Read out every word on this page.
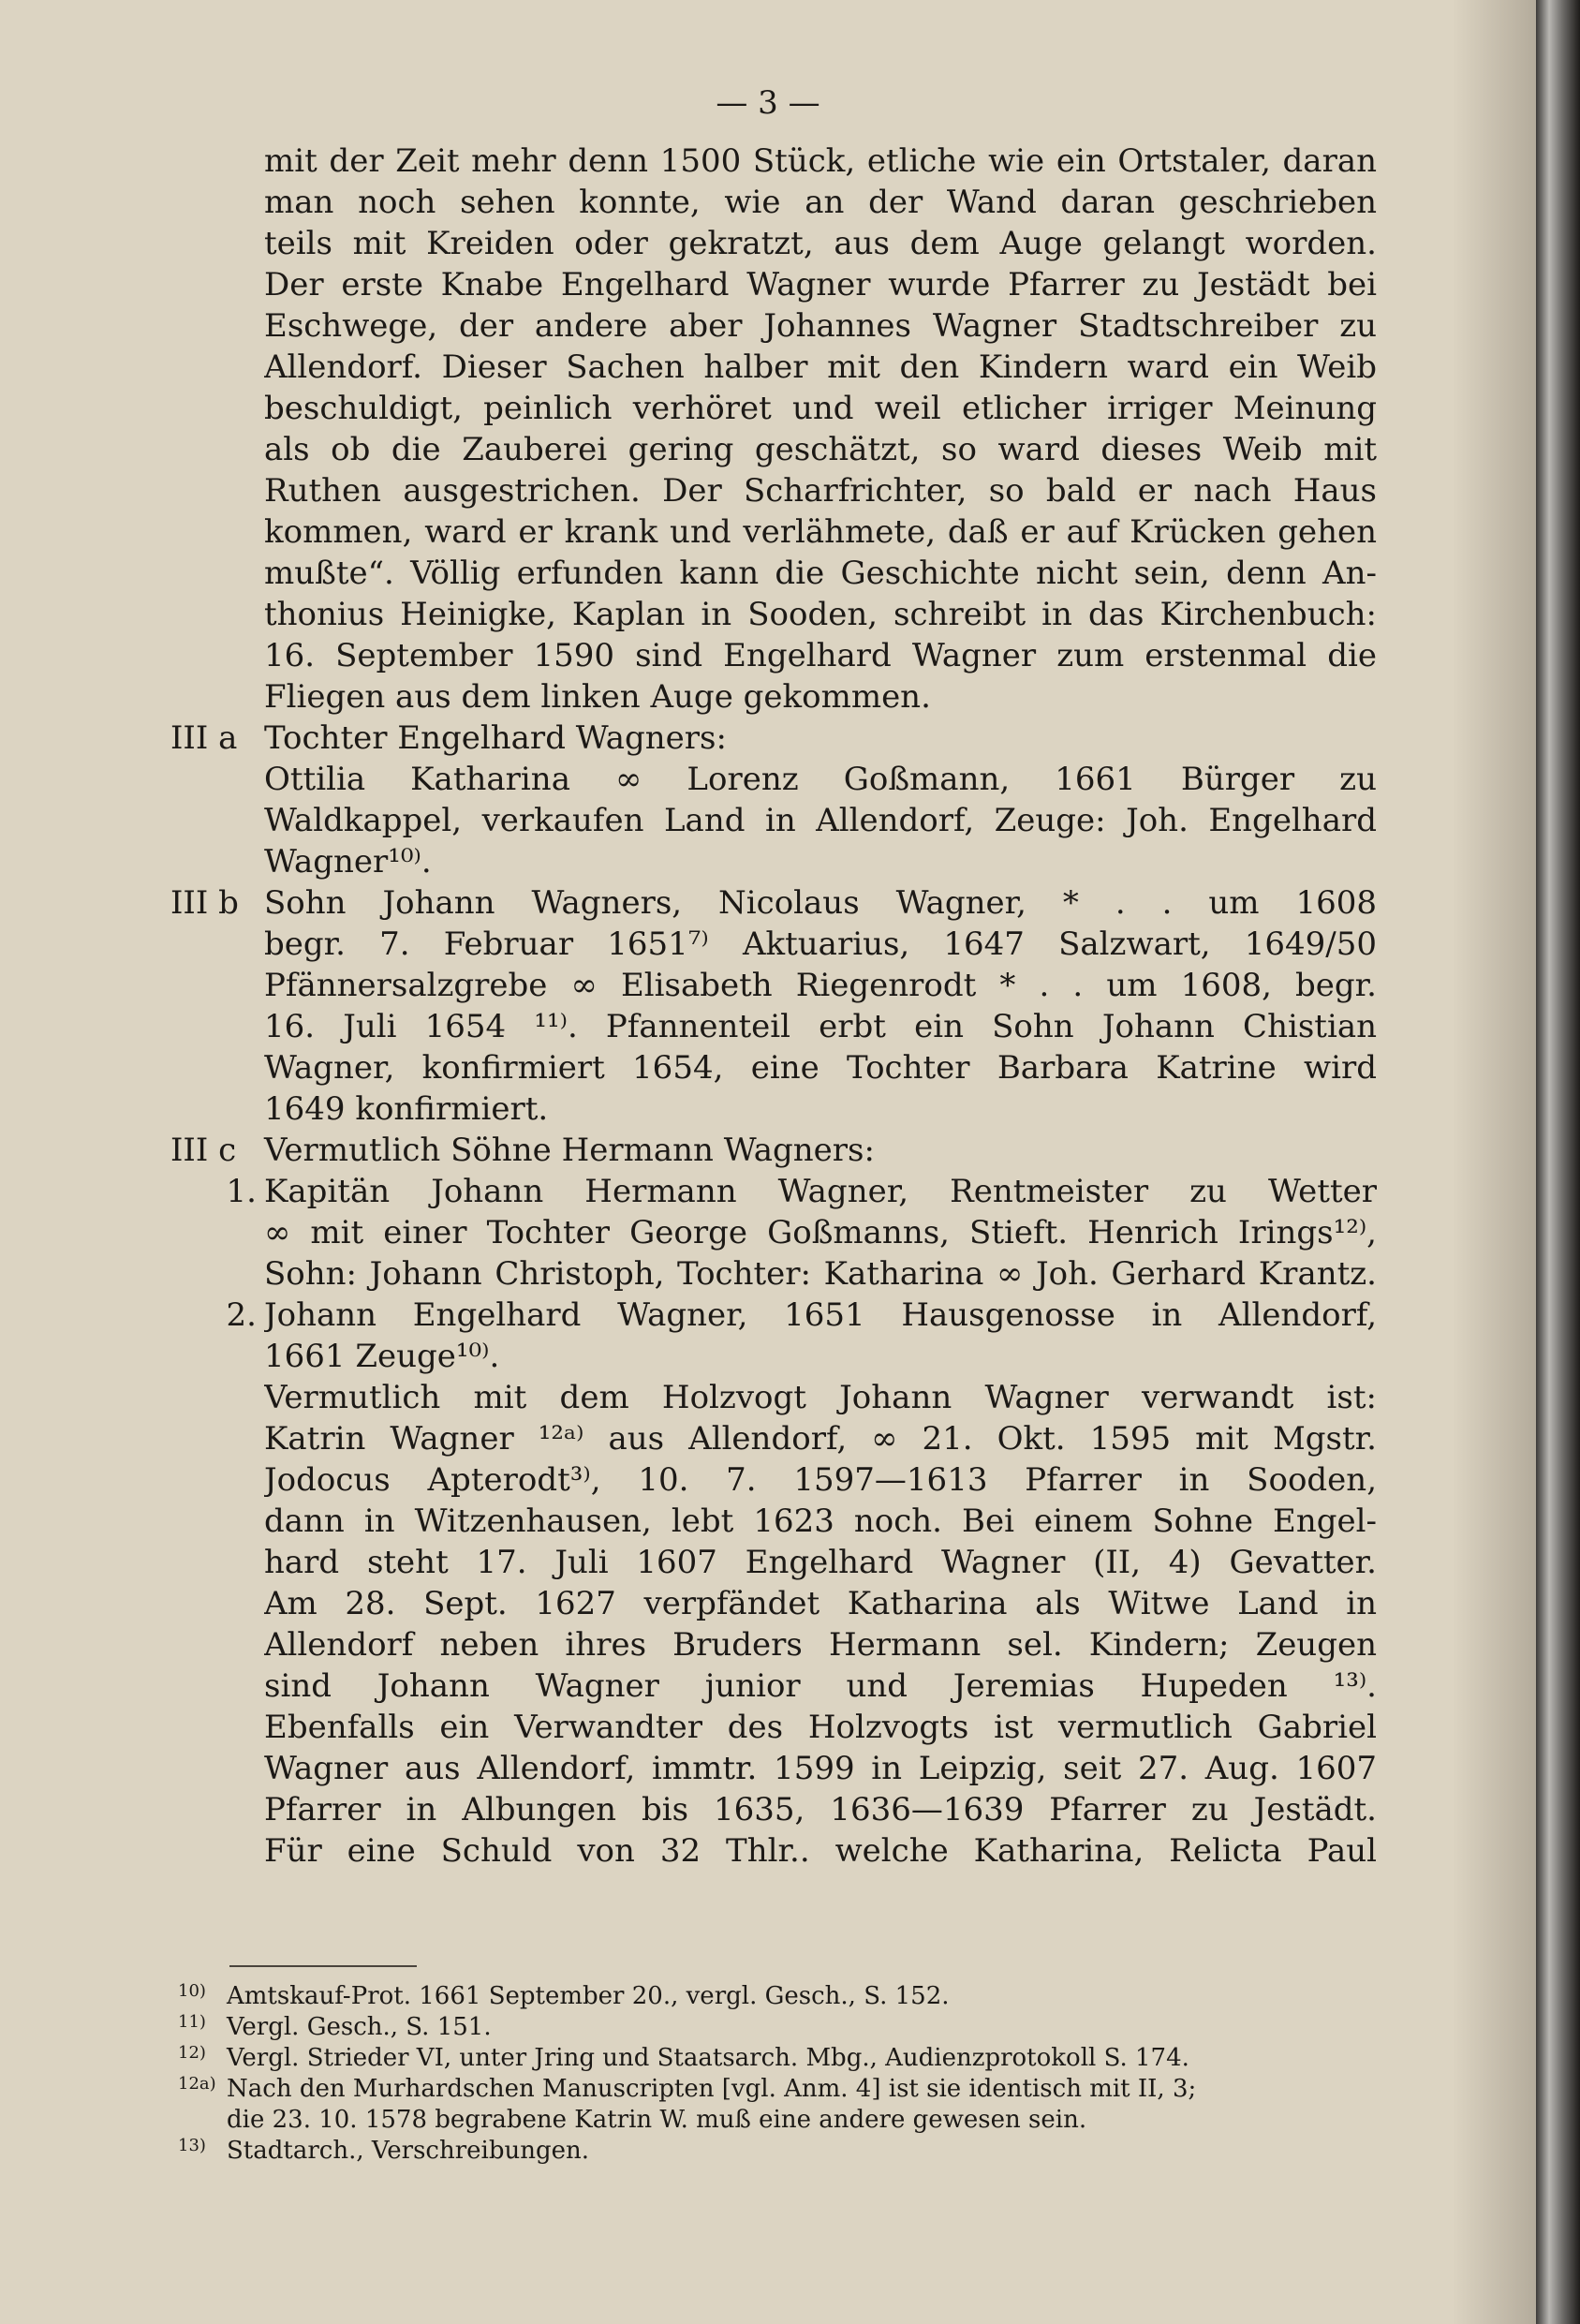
— 3 —
mit der Zeit mehr denn 1500 Stück, etliche wie ein Ortstaler, daran
man noch sehen konnte, wie an der Wand daran geschrieben
teils mit Kreiden oder gekratzt, aus dem Auge gelangt worden.
Der erste Knabe Engelhard Wagner wurde Pfarrer zu Jestädt bei
Eschwege, der andere aber Johannes Wagner Stadtschreiber zu
Allendorf. Dieser Sachen halber mit den Kindern ward ein Weib
beschuldigt, peinlich verhöret und weil etlicher irriger Meinung
als ob die Zauberei gering geschätzt, so ward dieses Weib mit
Ruthen ausgestrichen. Der Scharfrichter, so bald er nach Haus
kommen, ward er krank und verlähmete, daß er auf Krücken gehen
mußte“. Völlig erfunden kann die Geschichte nicht sein, denn An-
thonius Heinigke, Kaplan in Sooden, schreibt in das Kirchenbuch:
16. September 1590 sind Engelhard Wagner zum erstenmal die
Fliegen aus dem linken Auge gekommen.
III a Tochter Engelhard Wagners:
Ottilia Katharina ∞ Lorenz Goßmann, 1661 Bürger zu
Waldkappel, verkaufen Land in Allendorf, Zeuge: Joh. Engelhard
Wagner¹⁰⁾.
III b Sohn Johann Wagners, Nicolaus Wagner, * . . um 1608
begr. 7. Februar 1651⁷⁾ Aktuarius, 1647 Salzwart, 1649/50
Pfännersalzgrebe ∞ Elisabeth Riegenrodt * . . um 1608, begr.
16. Juli 1654 ¹¹⁾. Pfannenteil erbt ein Sohn Johann Chistian
Wagner, konfirmiert 1654, eine Tochter Barbara Katrine wird
1649 konfirmiert.
III c Vermutlich Söhne Hermann Wagners:
1. Kapitän Johann Hermann Wagner, Rentmeister zu Wetter
∞ mit einer Tochter George Goßmanns, Stieft. Henrich Irings¹²⁾,
Sohn: Johann Christoph, Tochter: Katharina ∞ Joh. Gerhard Krantz.
2. Johann Engelhard Wagner, 1651 Hausgenosse in Allendorf,
1661 Zeuge¹⁰⁾.
Vermutlich mit dem Holzvogt Johann Wagner verwandt ist:
Katrin Wagner ¹²ᵃ⁾ aus Allendorf, ∞ 21. Okt. 1595 mit Mgstr.
Jodocus Apterodt³⁾, 10. 7. 1597—1613 Pfarrer in Sooden,
dann in Witzenhausen, lebt 1623 noch. Bei einem Sohne Engel-
hard steht 17. Juli 1607 Engelhard Wagner (II, 4) Gevatter.
Am 28. Sept. 1627 verpfändet Katharina als Witwe Land in
Allendorf neben ihres Bruders Hermann sel. Kindern; Zeugen
sind Johann Wagner junior und Jeremias Hupeden ¹³⁾.
Ebenfalls ein Verwandter des Holzvogts ist vermutlich Gabriel
Wagner aus Allendorf, immtr. 1599 in Leipzig, seit 27. Aug. 1607
Pfarrer in Albungen bis 1635, 1636—1639 Pfarrer zu Jestädt.
Für eine Schuld von 32 Thlr.. welche Katharina, Relicta Paul
10) Amtskauf-Prot. 1661 September 20., vergl. Gesch., S. 152.
11) Vergl. Gesch., S. 151.
12) Vergl. Strieder VI, unter Jring und Staatsarch. Mbg., Audienzprotokoll S. 174.
12a) Nach den Murhardschen Manuscripten [vgl. Anm. 4] ist sie identisch mit II, 3;
die 23. 10. 1578 begrabene Katrin W. muß eine andere gewesen sein.
13) Stadtarch., Verschreibungen.
